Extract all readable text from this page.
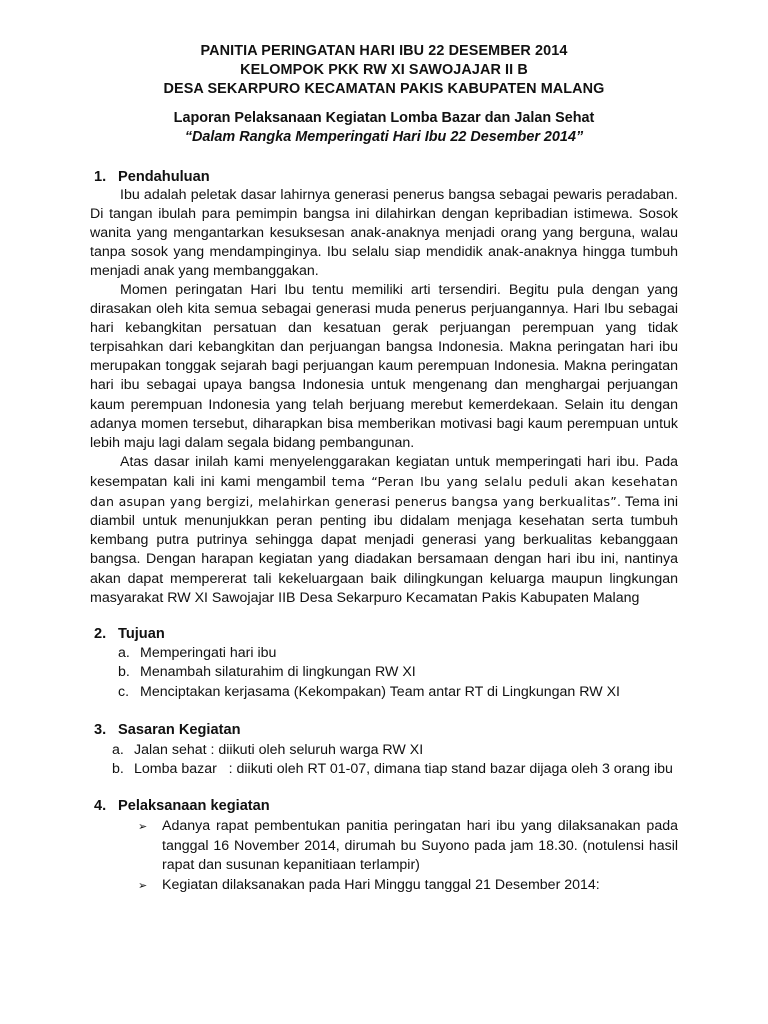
PANITIA PERINGATAN HARI IBU 22 DESEMBER 2014
KELOMPOK PKK RW XI SAWOJAJAR II B
DESA SEKARPURO KECAMATAN PAKIS KABUPATEN MALANG
Laporan Pelaksanaan Kegiatan Lomba Bazar dan Jalan Sehat
“Dalam Rangka Memperingati Hari Ibu 22 Desember 2014”
1. Pendahuluan

Ibu adalah peletak dasar lahirnya generasi penerus bangsa sebagai pewaris peradaban. Di tangan ibulah para pemimpin bangsa ini dilahirkan dengan kepribadian istimewa. Sosok wanita yang mengantarkan kesuksesan anak-anaknya menjadi orang yang berguna, walau tanpa sosok yang mendampinginya. Ibu selalu siap mendidik anak-anaknya hingga tumbuh menjadi anak yang membanggakan.

Momen peringatan Hari Ibu tentu memiliki arti tersendiri. Begitu pula dengan yang dirasakan oleh kita semua sebagai generasi muda penerus perjuangannya. Hari Ibu sebagai hari kebangkitan persatuan dan kesatuan gerak perjuangan perempuan yang tidak terpisahkan dari kebangkitan dan perjuangan bangsa Indonesia. Makna peringatan hari ibu merupakan tonggak sejarah bagi perjuangan kaum perempuan Indonesia. Makna peringatan hari ibu sebagai upaya bangsa Indonesia untuk mengenang dan menghargai perjuangan kaum perempuan Indonesia yang telah berjuang merebut kemerdekaan. Selain itu dengan adanya momen tersebut, diharapkan bisa memberikan motivasi bagi kaum perempuan untuk lebih maju lagi dalam segala bidang pembangunan.

Atas dasar inilah kami menyelenggarakan kegiatan untuk memperingati hari ibu. Pada kesempatan kali ini kami mengambil tema “Peran Ibu yang selalu peduli akan kesehatan dan asupan yang bergizi, melahirkan generasi penerus bangsa yang berkualitas”. Tema ini diambil untuk menunjukkan peran penting ibu didalam menjaga kesehatan serta tumbuh kembang putra putrinya sehingga dapat menjadi generasi yang berkualitas kebanggaan bangsa. Dengan harapan kegiatan yang diadakan bersamaan dengan hari ibu ini, nantinya akan dapat mempererat tali kekeluargaan baik dilingkungan keluarga maupun lingkungan masyarakat RW XI Sawojajar IIB Desa Sekarpuro Kecamatan Pakis Kabupaten Malang

2. Tujuan
a. Memperingati hari ibu
b. Menambah silaturahim di lingkungan RW XI
c. Menciptakan kerjasama (Kekompakan) Team antar RT di Lingkungan RW XI
3. Sasaran Kegiatan
a. Jalan sehat : diikuti oleh seluruh warga RW XI
b. Lomba bazar   : diikuti oleh RT 01-07, dimana tiap stand bazar dijaga oleh 3 orang ibu
4. Pelaksanaan kegiatan
➢	Adanya rapat pembentukan panitia peringatan hari ibu yang dilaksanakan pada tanggal 16 November 2014, dirumah bu Suyono pada jam 18.30. (notulensi hasil rapat dan susunan kepanitiaan terlampir)
➢	Kegiatan dilaksanakan pada Hari Minggu tanggal 21 Desember 2014:
